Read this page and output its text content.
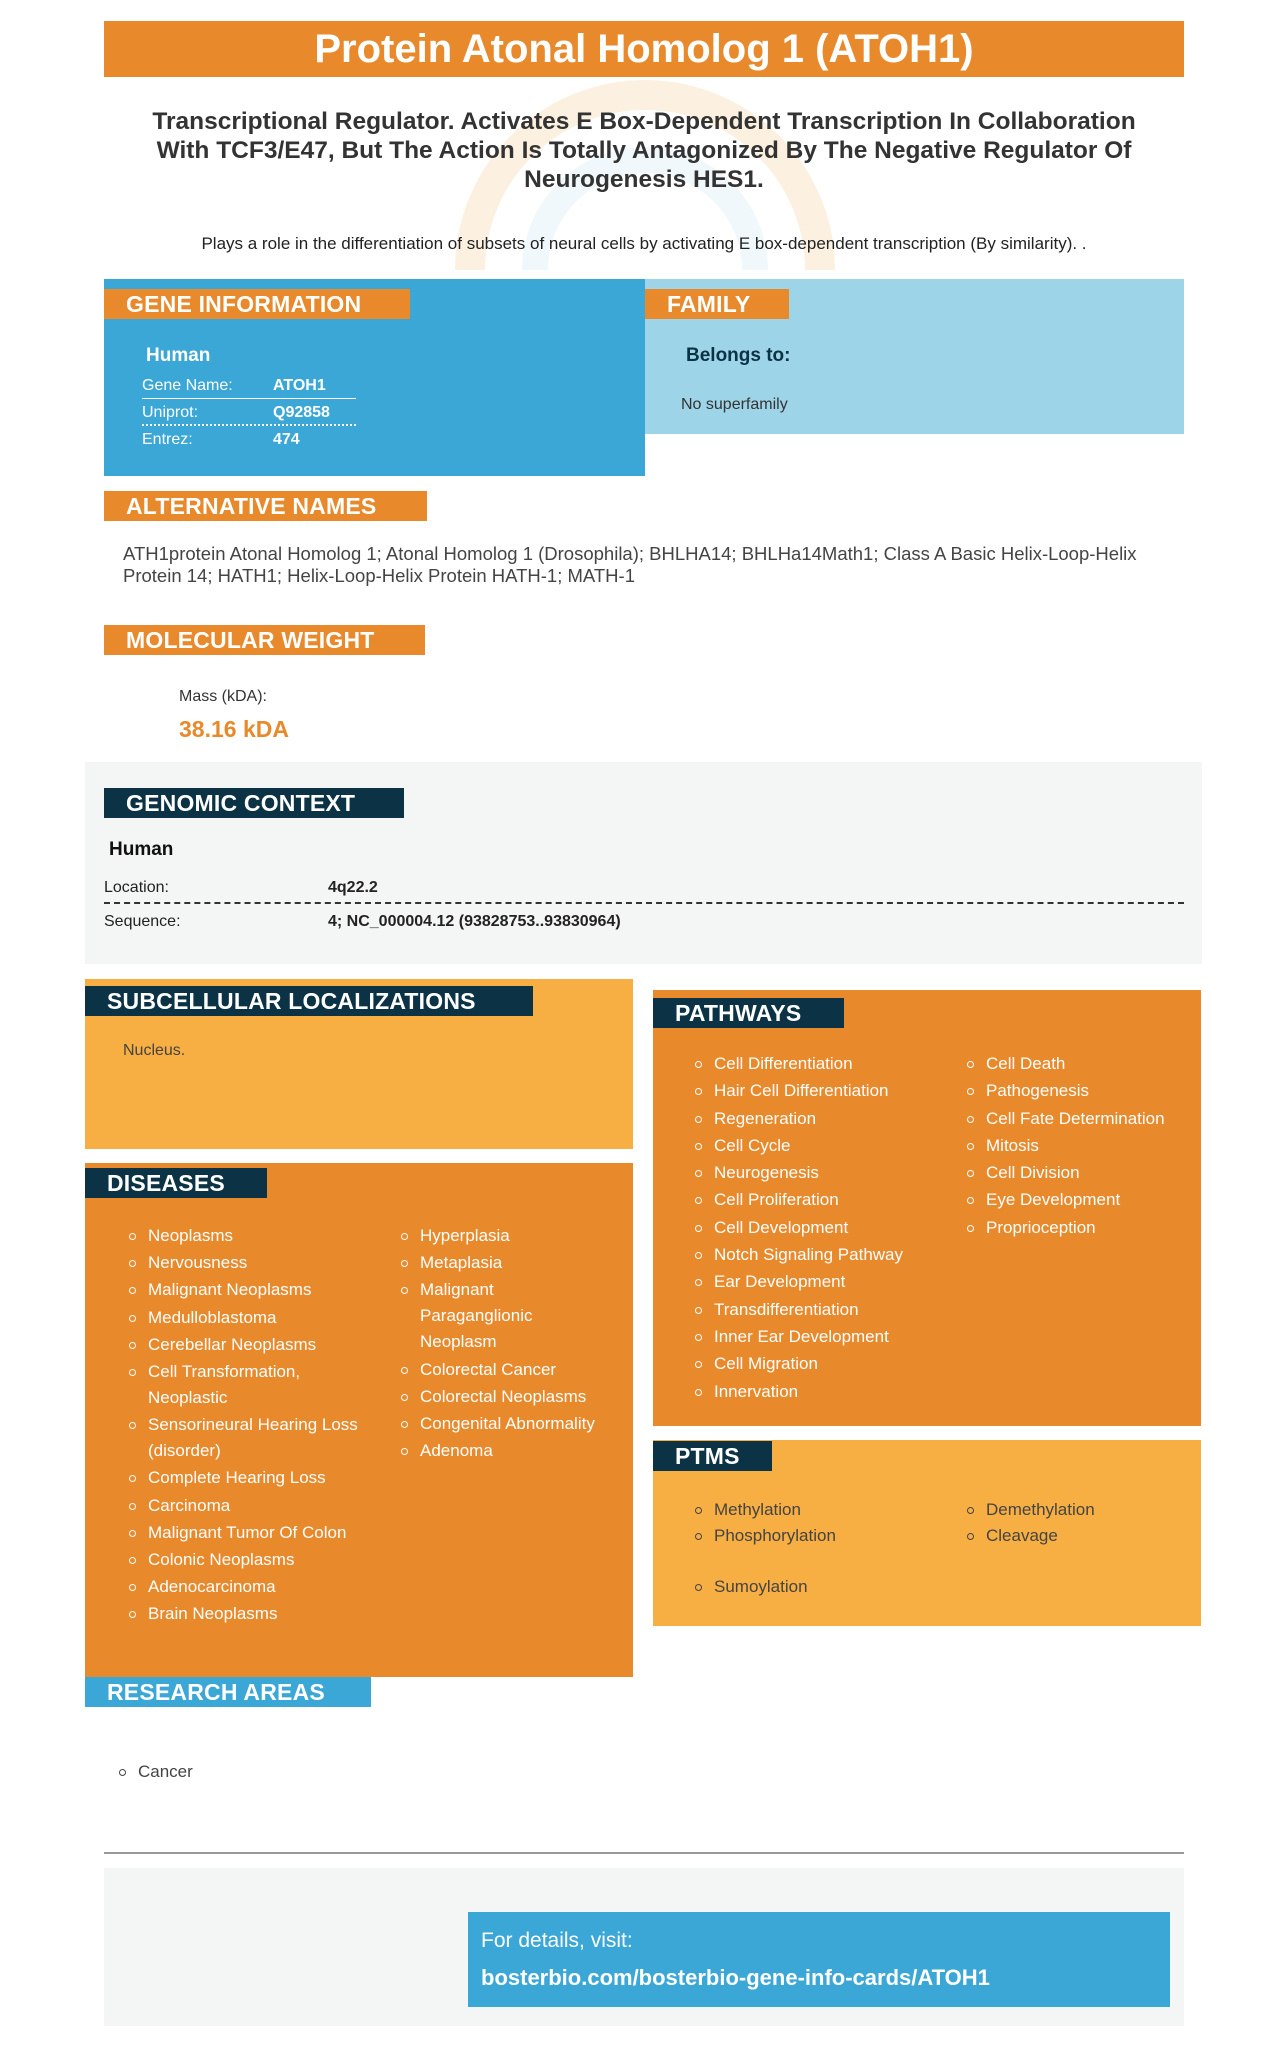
Protein Atonal Homolog 1 (ATOH1)
Transcriptional Regulator. Activates E Box-Dependent Transcription In Collaboration With TCF3/E47, But The Action Is Totally Antagonized By The Negative Regulator Of Neurogenesis HES1.
Plays a role in the differentiation of subsets of neural cells by activating E box-dependent transcription (By similarity). .
GENE INFORMATION
Human
Gene Name:	ATOH1
Uniprot:	Q92858
Entrez:	474
FAMILY
Belongs to:
No superfamily
ALTERNATIVE NAMES
ATH1protein Atonal Homolog 1; Atonal Homolog 1 (Drosophila); BHLHA14; BHLHa14Math1; Class A Basic Helix-Loop-Helix Protein 14; HATH1; Helix-Loop-Helix Protein HATH-1; MATH-1
MOLECULAR WEIGHT
Mass (kDA):
38.16 kDA
GENOMIC CONTEXT
Human
Location:	4q22.2
Sequence:	4; NC_000004.12 (93828753..93830964)
SUBCELLULAR LOCALIZATIONS
Nucleus.
DISEASES
Neoplasms
Nervousness
Malignant Neoplasms
Medulloblastoma
Cerebellar Neoplasms
Cell Transformation, Neoplastic
Sensorineural Hearing Loss (disorder)
Complete Hearing Loss
Carcinoma
Malignant Tumor Of Colon
Colonic Neoplasms
Adenocarcinoma
Brain Neoplasms
Hyperplasia
Metaplasia
Malignant Paraganglionic Neoplasm
Colorectal Cancer
Colorectal Neoplasms
Congenital Abnormality
Adenoma
PATHWAYS
Cell Differentiation
Hair Cell Differentiation
Regeneration
Cell Cycle
Neurogenesis
Cell Proliferation
Cell Development
Notch Signaling Pathway
Ear Development
Transdifferentiation
Inner Ear Development
Cell Migration
Innervation
Cell Death
Pathogenesis
Cell Fate Determination
Mitosis
Cell Division
Eye Development
Proprioception
PTMS
Methylation
Phosphorylation
Demethylation
Cleavage
Sumoylation
RESEARCH AREAS
Cancer
For details, visit:
bosterbio.com/bosterbio-gene-info-cards/ATOH1
